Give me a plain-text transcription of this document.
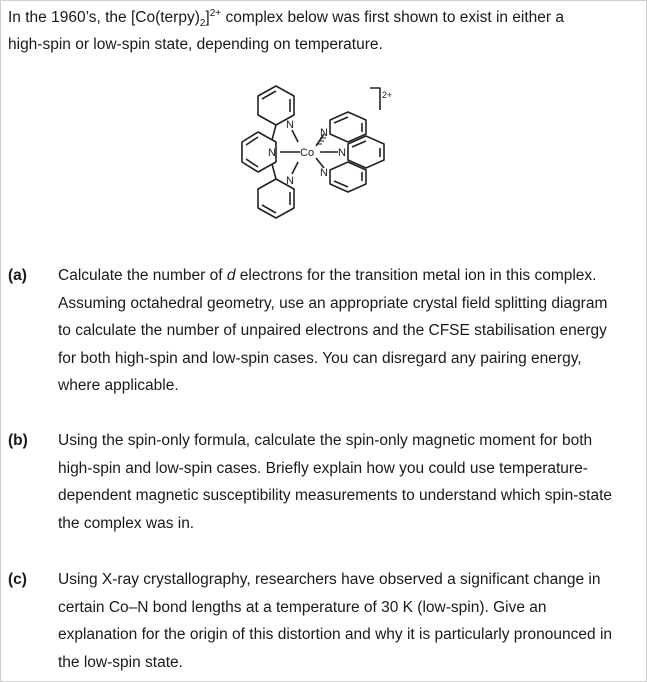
In the 1960’s, the $[Co(terpy)_2]^{2+}$ complex below was first shown to exist in either a
high-spin or low-spin state, depending on temperature.
N
N
N
Co
N
N
N
2+
(a) Calculate the number of d electrons for the transition metal ion in this complex. Assuming octahedral geometry, use an appropriate crystal field splitting diagram to calculate the number of unpaired electrons and the CFSE stabilisation energy for both high-spin and low-spin cases. You can disregard any pairing energy, where applicable.
(b) Using the spin-only formula, calculate the spin-only magnetic moment for both high-spin and low-spin cases. Briefly explain how you could use temperature-dependent magnetic susceptibility measurements to understand which spin-state the complex was in.
(c) Using X-ray crystallography, researchers have observed a significant change in certain Co–N bond lengths at a temperature of 30 K (low-spin). Give an explanation for the origin of this distortion and why it is particularly pronounced in the low-spin state.
